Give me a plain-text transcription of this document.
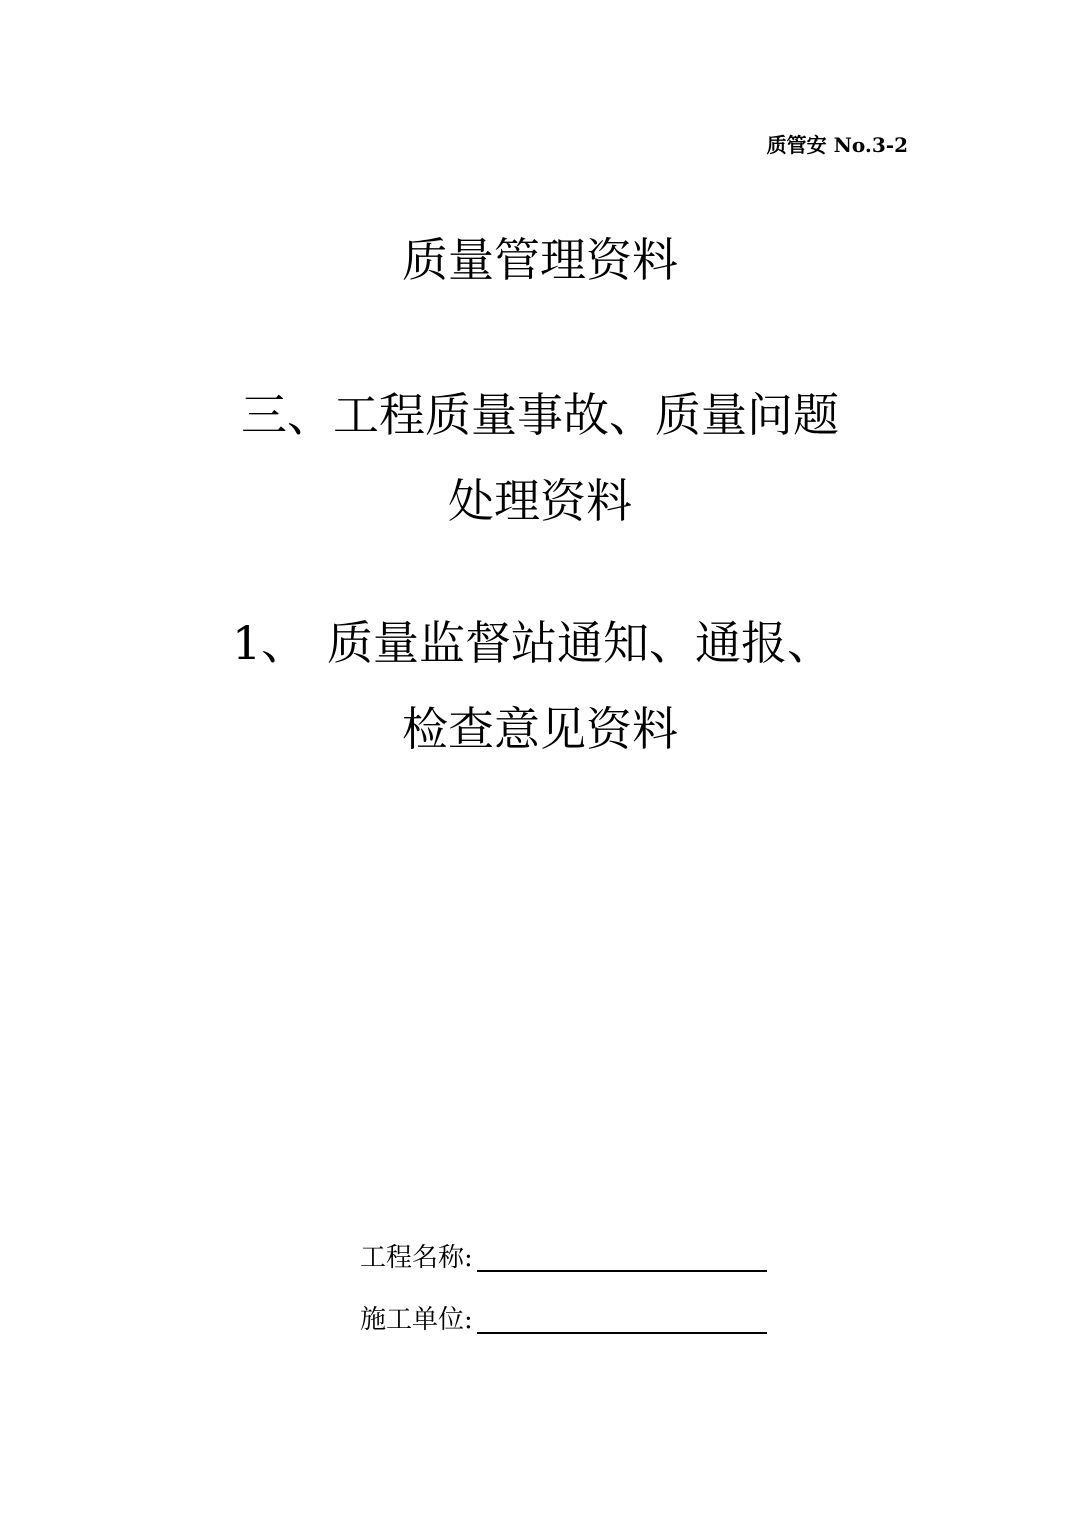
质管安 No.3-2
质量管理资料
三、工程质量事故、质量问题
处理资料
1、 质量监督站通知、通报、
检查意见资料
工程名称:
施工单位:
